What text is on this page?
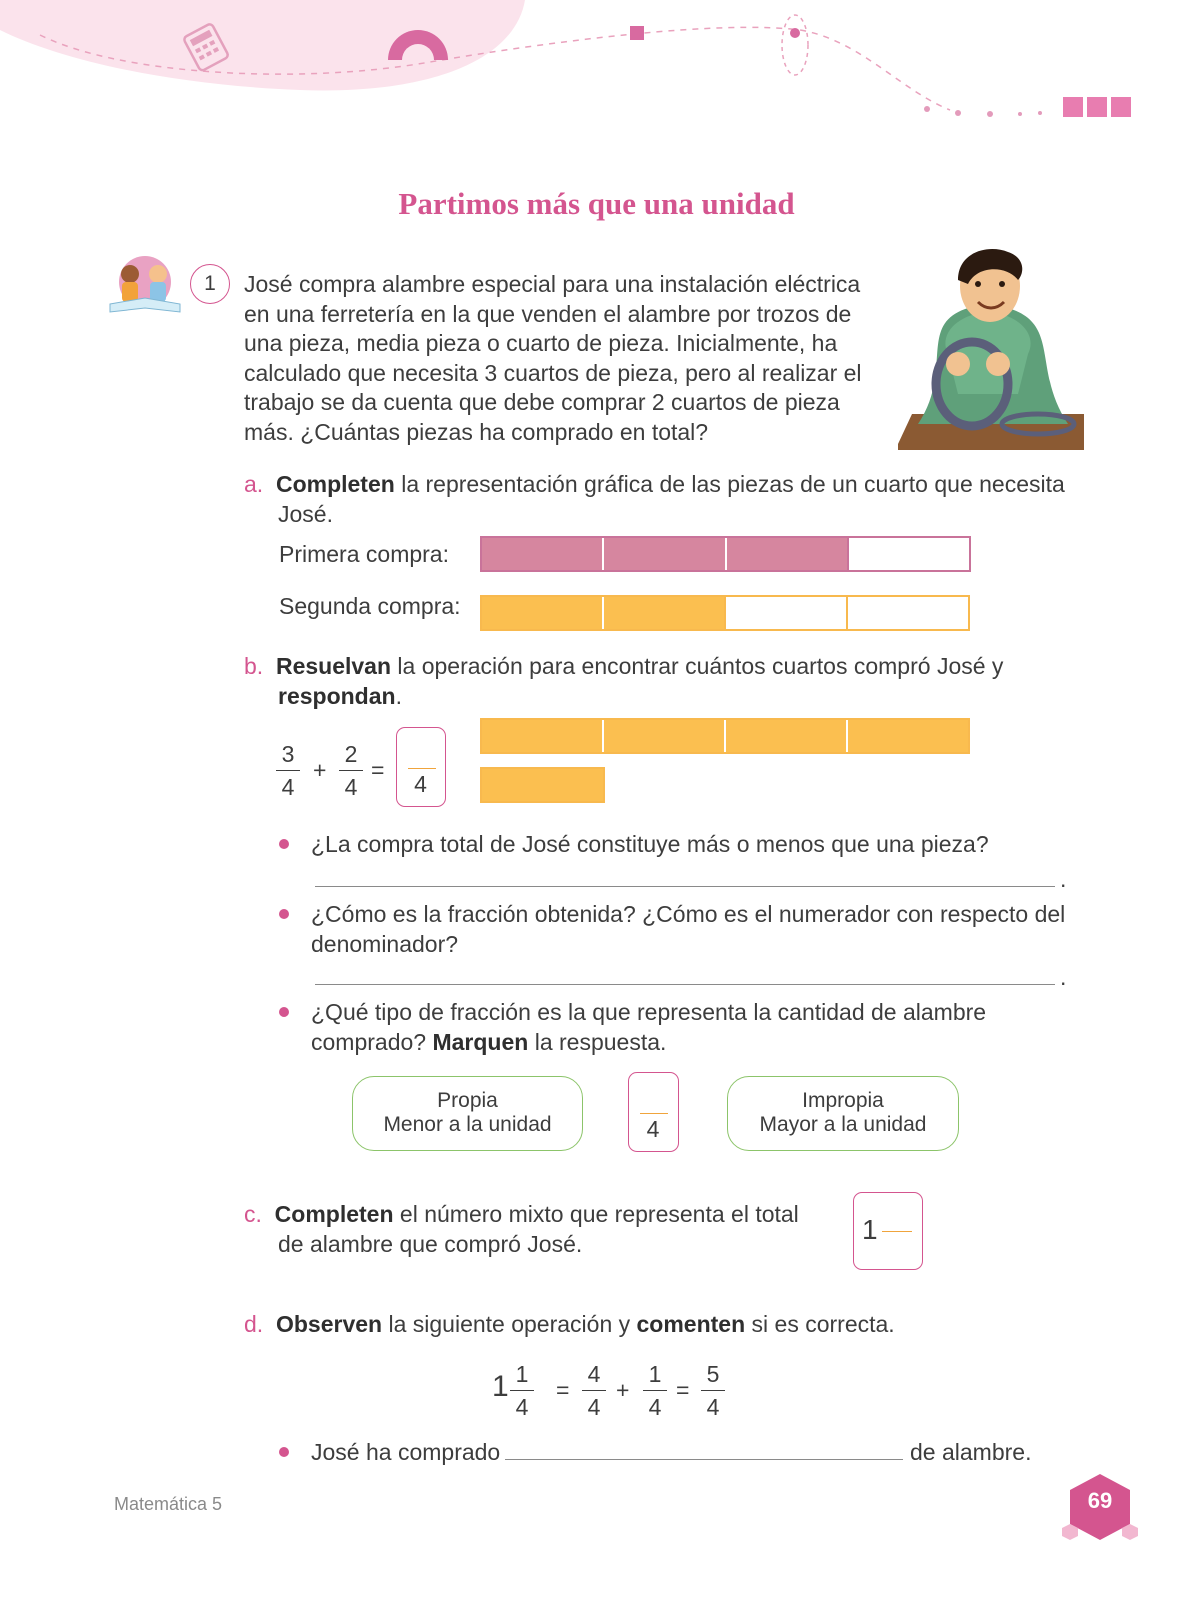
Partimos más que una unidad
1	José compra alambre especial para una instalación eléctrica
en una ferretería en la que venden el alambre por trozos de
una pieza, media pieza o cuarto de pieza. Inicialmente, ha
calculado que necesita 3 cuartos de pieza, pero al realizar el
trabajo se da cuenta que debe comprar 2 cuartos de pieza
más. ¿Cuántas piezas ha comprado en total?
a. Completen la representación gráfica de las piezas de un cuarto que necesita
José.
Primera compra:
Segunda compra:
b. Resuelvan la operación para encontrar cuántos cuartos compró José y
respondan.
3
4
+
2
4
=
4
¿La compra total de José constituye más o menos que una pieza?
.
¿Cómo es la fracción obtenida? ¿Cómo es el numerador con respecto del
denominador?
.
¿Qué tipo de fracción es la que representa la cantidad de alambre
comprado? Marquen la respuesta.
Propia
Menor a la unidad	4
Impropia
Mayor a la unidad
c. Completen el número mixto que representa el total
de alambre que compró José.	1
d. Observen la siguiente operación y comenten si es correcta.
1 1
4
=
4
4
+
1
4
=
5
4
José ha comprado	de alambre.
Matemática 5	69
